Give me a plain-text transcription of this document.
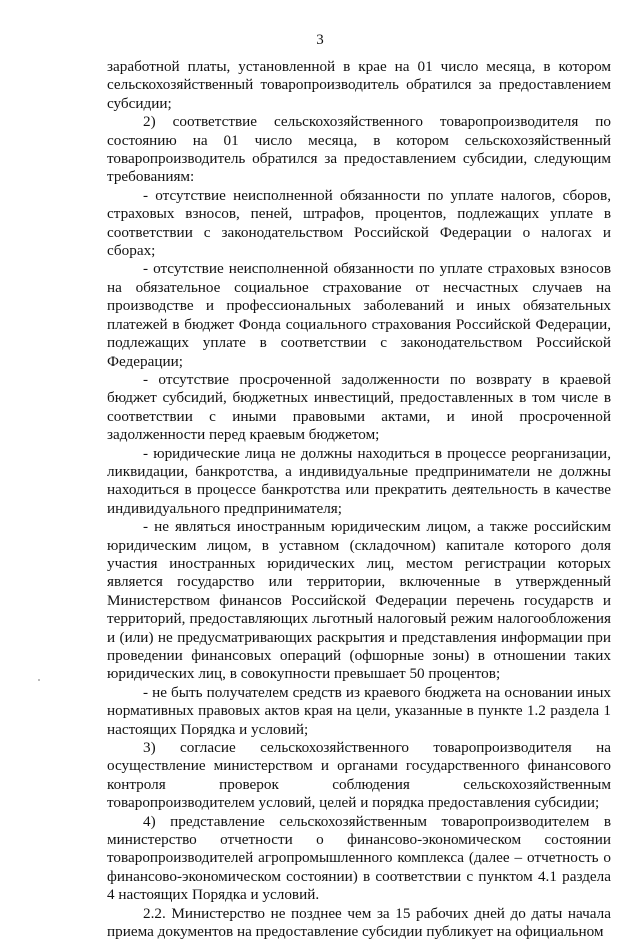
3

заработной платы, установленной в крае на 01 число месяца, в котором сельскохозяйственный товаропроизводитель обратился за предоставлением субсидии;

2) соответствие сельскохозяйственного товаропроизводителя по состоянию на 01 число месяца, в котором сельскохозяйственный товаропроизводитель обратился за предоставлением субсидии, следующим требованиям:

- отсутствие неисполненной обязанности по уплате налогов, сборов, страховых взносов, пеней, штрафов, процентов, подлежащих уплате в соответствии с законодательством Российской Федерации о налогах и сборах;

- отсутствие неисполненной обязанности по уплате страховых взносов на обязательное социальное страхование от несчастных случаев на производстве и профессиональных заболеваний и иных обязательных платежей в бюджет Фонда социального страхования Российской Федерации, подлежащих уплате в соответствии с законодательством Российской Федерации;

- отсутствие просроченной задолженности по возврату в краевой бюджет субсидий, бюджетных инвестиций, предоставленных в том числе в соответствии с иными правовыми актами, и иной просроченной задолженности перед краевым бюджетом;

- юридические лица не должны находиться в процессе реорганизации, ликвидации, банкротства, а индивидуальные предприниматели не должны находиться в процессе банкротства или прекратить деятельность в качестве индивидуального предпринимателя;

- не являться иностранным юридическим лицом, а также российским юридическим лицом, в уставном (складочном) капитале которого доля участия иностранных юридических лиц, местом регистрации которых является государство или территории, включенные в утвержденный Министерством финансов Российской Федерации перечень государств и территорий, предоставляющих льготный налоговый режим налогообложения и (или) не предусматривающих раскрытия и представления информации при проведении финансовых операций (офшорные зоны) в отношении таких юридических лиц, в совокупности превышает 50 процентов;

- не быть получателем средств из краевого бюджета на основании иных нормативных правовых актов края на цели, указанные в пункте 1.2 раздела 1 настоящих Порядка и условий;

3) согласие сельскохозяйственного товаропроизводителя на осуществление министерством и органами государственного финансового контроля проверок соблюдения сельскохозяйственным товаропроизводителем условий, целей и порядка предоставления субсидии;

4) представление сельскохозяйственным товаропроизводителем в министерство отчетности о финансово-экономическом состоянии товаропроизводителей агропромышленного комплекса (далее – отчетность о финансово-экономическом состоянии) в соответствии с пунктом 4.1 раздела 4 настоящих Порядка и условий.

2.2. Министерство не позднее чем за 15 рабочих дней до даты начала приема документов на предоставление субсидии публикует на официальном
